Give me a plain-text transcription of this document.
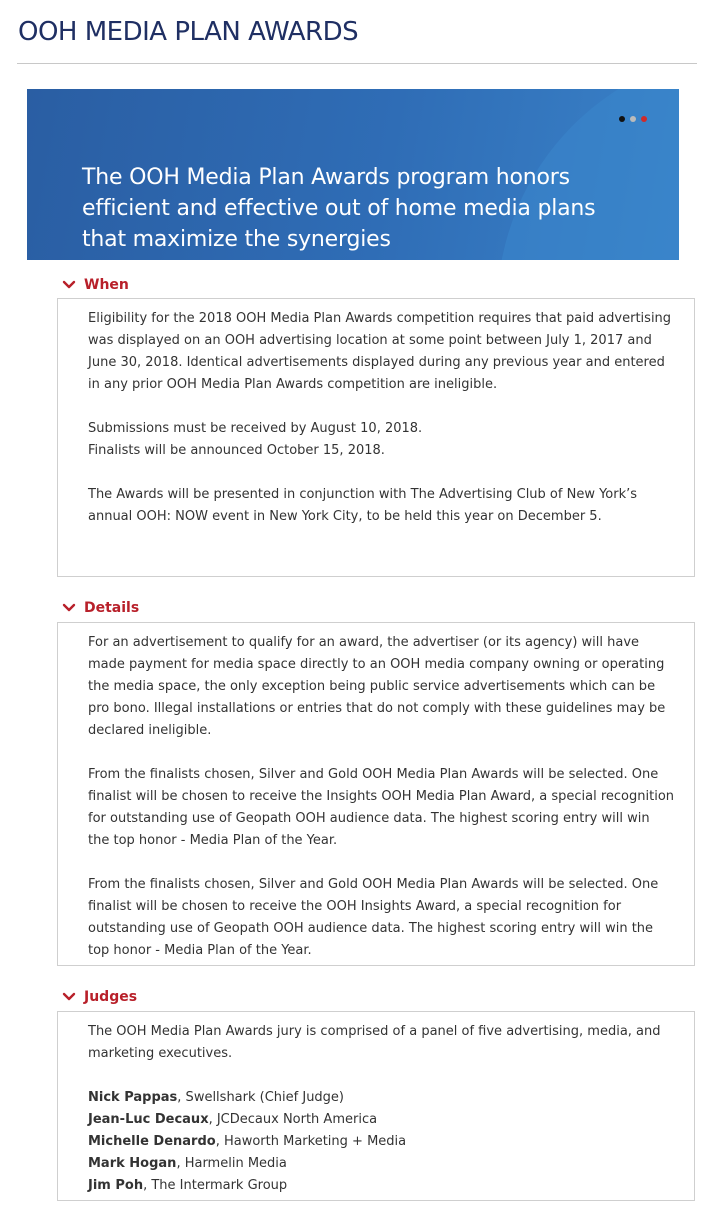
OOH MEDIA PLAN AWARDS

The OOH Media Plan Awards program honors efficient and effective out of home media plans that maximize the synergies

When

Eligibility for the 2018 OOH Media Plan Awards competition requires that paid advertising was displayed on an OOH advertising location at some point between July 1, 2017 and June 30, 2018. Identical advertisements displayed during any previous year and entered in any prior OOH Media Plan Awards competition are ineligible.

Submissions must be received by August 10, 2018.
Finalists will be announced October 15, 2018.

The Awards will be presented in conjunction with The Advertising Club of New York’s annual OOH: NOW event in New York City, to be held this year on December 5.

Details

For an advertisement to qualify for an award, the advertiser (or its agency) will have made payment for media space directly to an OOH media company owning or operating the media space, the only exception being public service advertisements which can be pro bono. Illegal installations or entries that do not comply with these guidelines may be declared ineligible.

From the finalists chosen, Silver and Gold OOH Media Plan Awards will be selected. One finalist will be chosen to receive the Insights OOH Media Plan Award, a special recognition for outstanding use of Geopath OOH audience data. The highest scoring entry will win the top honor - Media Plan of the Year.

From the finalists chosen, Silver and Gold OOH Media Plan Awards will be selected. One finalist will be chosen to receive the OOH Insights Award, a special recognition for outstanding use of Geopath OOH audience data. The highest scoring entry will win the top honor - Media Plan of the Year.

Judges

The OOH Media Plan Awards jury is comprised of a panel of five advertising, media, and marketing executives.

Nick Pappas, Swellshark (Chief Judge)
Jean-Luc Decaux, JCDecaux North America
Michelle Denardo, Haworth Marketing + Media
Mark Hogan, Harmelin Media
Jim Poh, The Intermark Group
